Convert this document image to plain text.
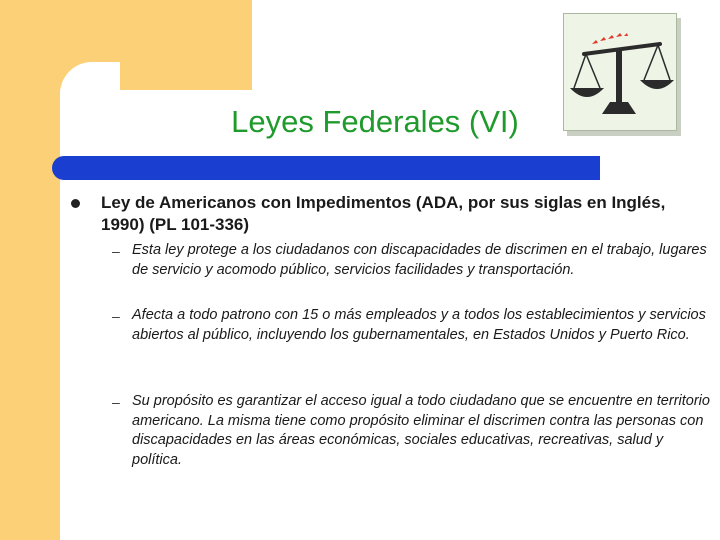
Leyes Federales (VI)

Ley de Americanos con Impedimentos (ADA, por sus siglas en Inglés, 1990) (PL 101-336)

– Esta ley protege a los ciudadanos con discapacidades de discrimen en el trabajo, lugares de servicio y acomodo público, servicios facilidades y transportación.

– Afecta a todo patrono con 15 o más empleados y a todos los establecimientos y servicios abiertos al público, incluyendo los gubernamentales, en Estados Unidos y Puerto Rico.

– Su propósito es garantizar el acceso igual a todo ciudadano que se encuentre en territorio americano. La misma tiene como propósito eliminar el discrimen contra las personas con discapacidades en las áreas económicas, sociales educativas, recreativas, salud y política.
